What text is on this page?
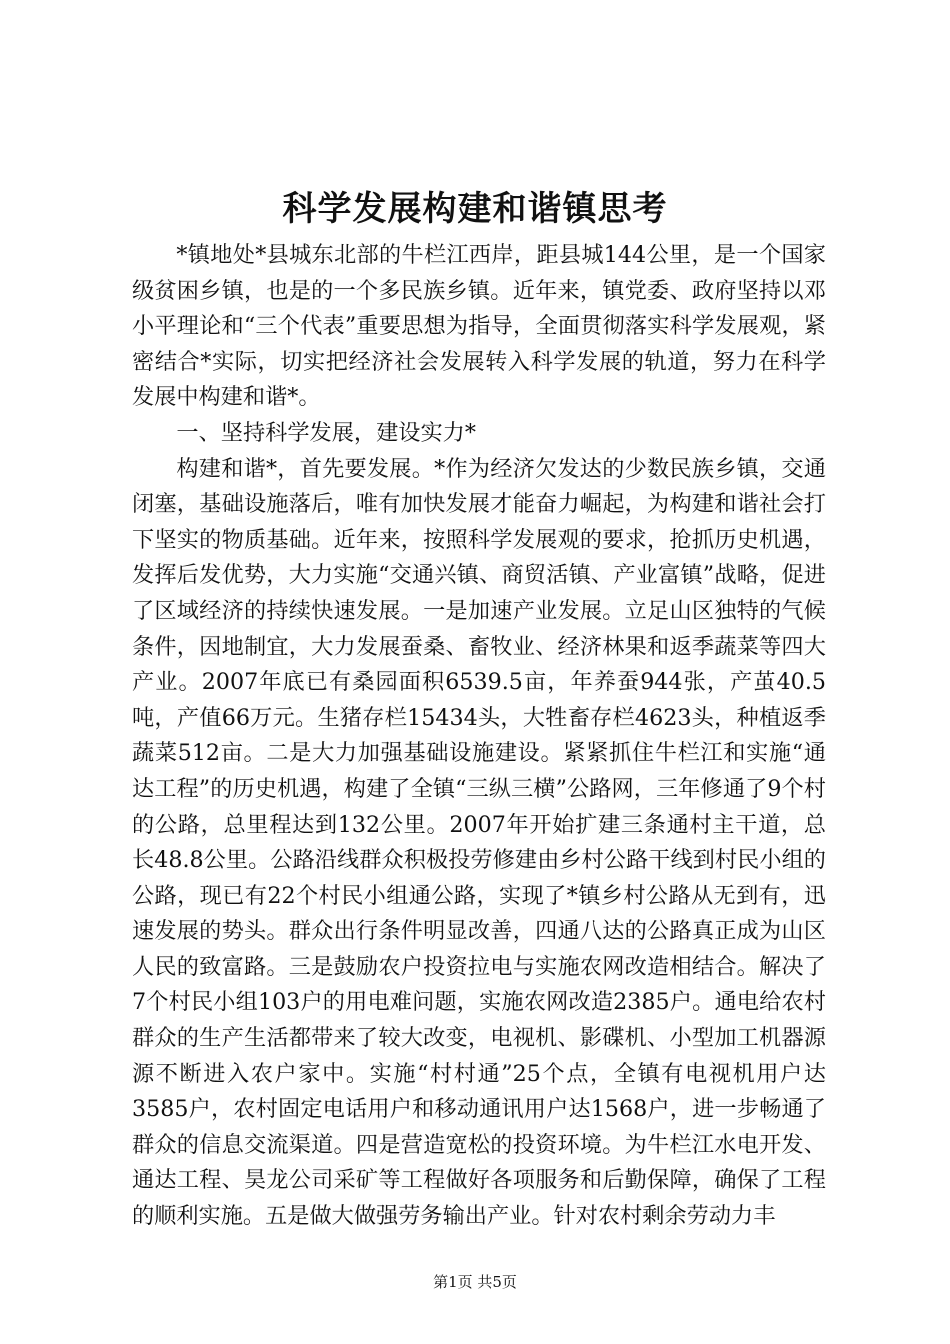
科学发展构建和谐镇思考

*镇地处*县城东北部的牛栏江西岸，距县城144公里，是一个国家级贫困乡镇，也是的一个多民族乡镇。近年来，镇党委、政府坚持以邓小平理论和“三个代表”重要思想为指导，全面贯彻落实科学发展观，紧密结合*实际，切实把经济社会发展转入科学发展的轨道，努力在科学发展中构建和谐*。

一、坚持科学发展，建设实力*

构建和谐*，首先要发展。*作为经济欠发达的少数民族乡镇，交通闭塞，基础设施落后，唯有加快发展才能奋力崛起，为构建和谐社会打下坚实的物质基础。近年来，按照科学发展观的要求，抢抓历史机遇，发挥后发优势，大力实施“交通兴镇、商贸活镇、产业富镇”战略，促进了区域经济的持续快速发展。一是加速产业发展。立足山区独特的气候条件，因地制宜，大力发展蚕桑、畜牧业、经济林果和返季蔬菜等四大产业。2007年底已有桑园面积6539.5亩，年养蚕944张，产茧40.5吨，产值66万元。生猪存栏15434头，大牲畜存栏4623头，种植返季蔬菜512亩。二是大力加强基础设施建设。紧紧抓住牛栏江和实施“通达工程”的历史机遇，构建了全镇“三纵三横”公路网，三年修通了9个村的公路，总里程达到132公里。2007年开始扩建三条通村主干道，总长48.8公里。公路沿线群众积极投劳修建由乡村公路干线到村民小组的公路，现已有22个村民小组通公路，实现了*镇乡村公路从无到有，迅速发展的势头。群众出行条件明显改善，四通八达的公路真正成为山区人民的致富路。三是鼓励农户投资拉电与实施农网改造相结合。解决了7个村民小组103户的用电难问题，实施农网改造2385户。通电给农村群众的生产生活都带来了较大改变，电视机、影碟机、小型加工机器源源不断进入农户家中。实施“村村通”25个点，全镇有电视机用户达3585户，农村固定电话用户和移动通讯用户达1568户，进一步畅通了群众的信息交流渠道。四是营造宽松的投资环境。为牛栏江水电开发、通达工程、昊龙公司采矿等工程做好各项服务和后勤保障，确保了工程的顺利实施。五是做大做强劳务输出产业。针对农村剩余劳动力丰

第1页 共5页
